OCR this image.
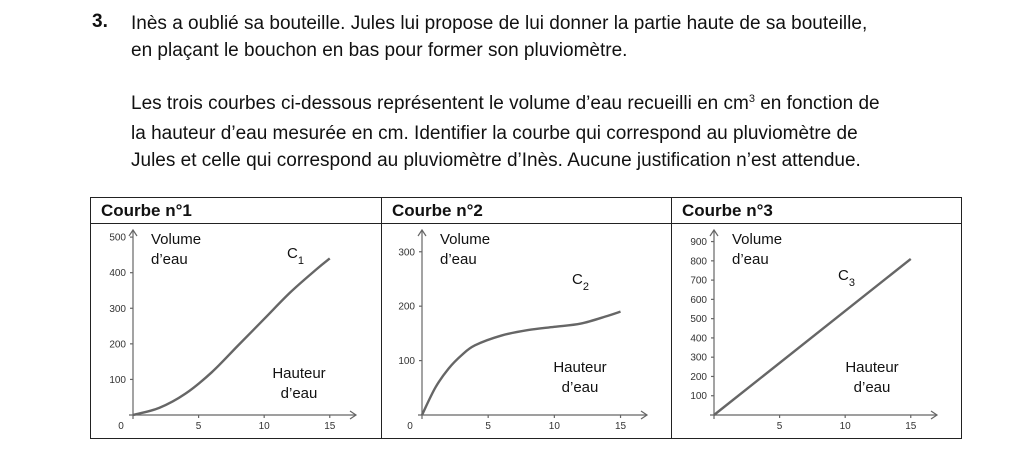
3. Inès a oublié sa bouteille. Jules lui propose de lui donner la partie haute de sa bouteille,
en plaçant le bouchon en bas pour former son pluviomètre.

Les trois courbes ci-dessous représentent le volume d’eau recueilli en $cm^3$ en fonction de
la hauteur d’eau mesurée en cm. Identifier la courbe qui correspond au pluviomètre de
Jules et celle qui correspond au pluviomètre d’Inès. Aucune justification n’est attendue.

Courbe n°1
5	10	15
100
200
300
400
500
0
Volume d’eau
Hauteur d’eau
$C_1$
Courbe n°2
5	10	15
100
200
300
0
Volume d’eau
Hauteur d’eau
$C_2$
Courbe n°3
5	10	15
100
200
300
400
500
600
700
800
900 Volume d’eau
Hauteur d’eau
$C_3$
